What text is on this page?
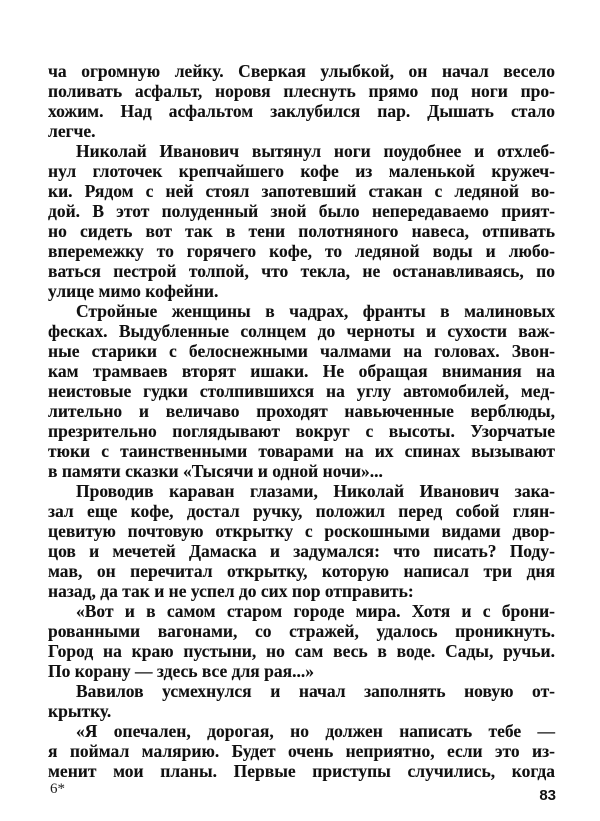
ча огромную лейку. Сверкая улыбкой, он начал весело
поливать асфальт, норовя плеснуть прямо под ноги про-
хожим. Над асфальтом заклубился пар. Дышать стало
легче.
Николай Иванович вытянул ноги поудобнее и отхлеб-
нул глоточек крепчайшего кофе из маленькой кружеч-
ки. Рядом с ней стоял запотевший стакан с ледяной во-
дой. В этот полуденный зной было непередаваемо прият-
но сидеть вот так в тени полотняного навеса, отпивать
вперемежку то горячего кофе, то ледяной воды и любо-
ваться пестрой толпой, что текла, не останавливаясь, по
улице мимо кофейни.
Стройные женщины в чадрах, франты в малиновых
фесках. Выдубленные солнцем до черноты и сухости важ-
ные старики с белоснежными чалмами на головах. Звон-
кам трамваев вторят ишаки. Не обращая внимания на
неистовые гудки столпившихся на углу автомобилей, мед-
лительно и величаво проходят навьюченные верблюды,
презрительно поглядывают вокруг с высоты. Узорчатые
тюки с таинственными товарами на их спинах вызывают
в памяти сказки «Тысячи и одной ночи»...
Проводив караван глазами, Николай Иванович зака-
зал еще кофе, достал ручку, положил перед собой глян-
цевитую почтовую открытку с роскошными видами двор-
цов и мечетей Дамаска и задумался: что писать? Поду-
мав, он перечитал открытку, которую написал три дня
назад, да так и не успел до сих пор отправить:
«Вот и в самом старом городе мира. Хотя и с брони-
рованными вагонами, со стражей, удалось проникнуть.
Город на краю пустыни, но сам весь в воде. Сады, ручьи.
По корану — здесь все для рая...»
Вавилов усмехнулся и начал заполнять новую от-
крытку.
«Я опечален, дорогая, но должен написать тебе —
я поймал малярию. Будет очень неприятно, если это из-
менит мои планы. Первые приступы случились, когда
6*	83
